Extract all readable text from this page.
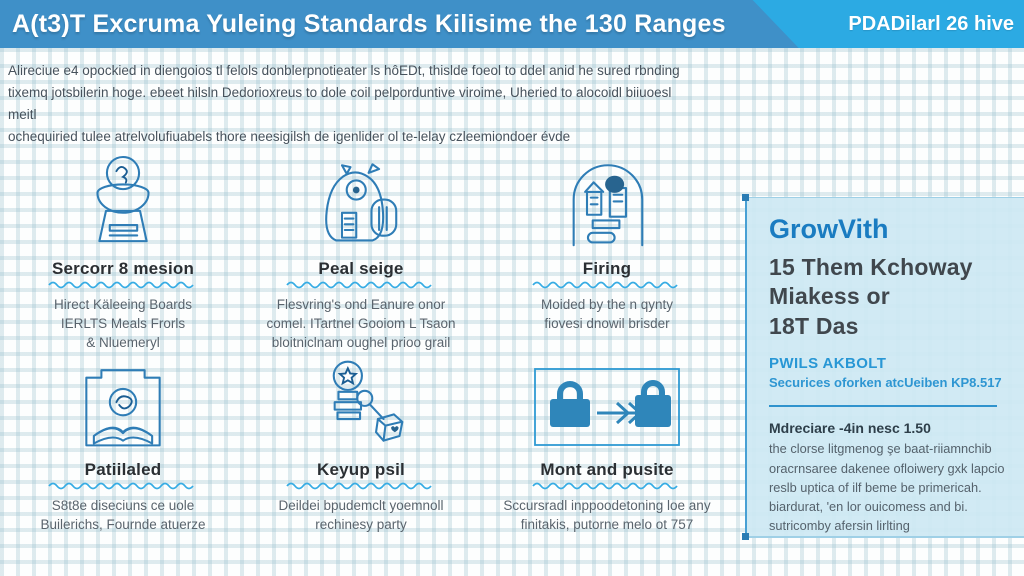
A(t3)T Excruma Yuleing Standards Kilisime the 130 Ranges	PDADilarl 26 hive
Alireciue e4 opockied in diengoios tl felols donblerpnotieater ls hôEDt, thislde foeol to ddel anid he sured rbnding
tixemq jotsbilerin hoge. ebeet hilsln Dedorioxreus to dole coil pelporduntive viroime, Uheried to alocoidl biiuoesl meitl
ochequiried tulee atrelvolufiuabels thore neesigilsh de igenlider ol te-lelay czleemiondoer évde
Sercorr 8 mesion
Hirect Käleeing Boards
IERLTS Meals Frorls
& Nluemeryl
Peal seige
Flesvring's ond Eanure onor
comel. ITartnel Gooiom L Tsaon
bloitniclnam oughel prioo grail
Firing
Moided by the n qynty
fiovesi dnowil brisder
Patiilaled
S8t8e diseciuns ce uole
Builerichs, Fournde atuerze
Keyup psil
Deildei bpudemclt yoemnoll
rechinesy party
Mont and pusite
Sccursradl inppoodetoning loe any
finitakis, putorne melo ot 757
GrowVith
15 Them Kchoway
Miakess or
18T Das
PWILS AKBOLT
Securices oforken atcUeiben KP8.517
Mdreciare -4in nesc 1.50
the clorse litgmenog şe baat-riiamnchib
oracrnsaree dakenee ofloiwery gxk lapcio
reslb uptica of ilf beme be primericah.
biardurat, 'en lor ouicomess and bi.
sutricomby afersin lirlting
